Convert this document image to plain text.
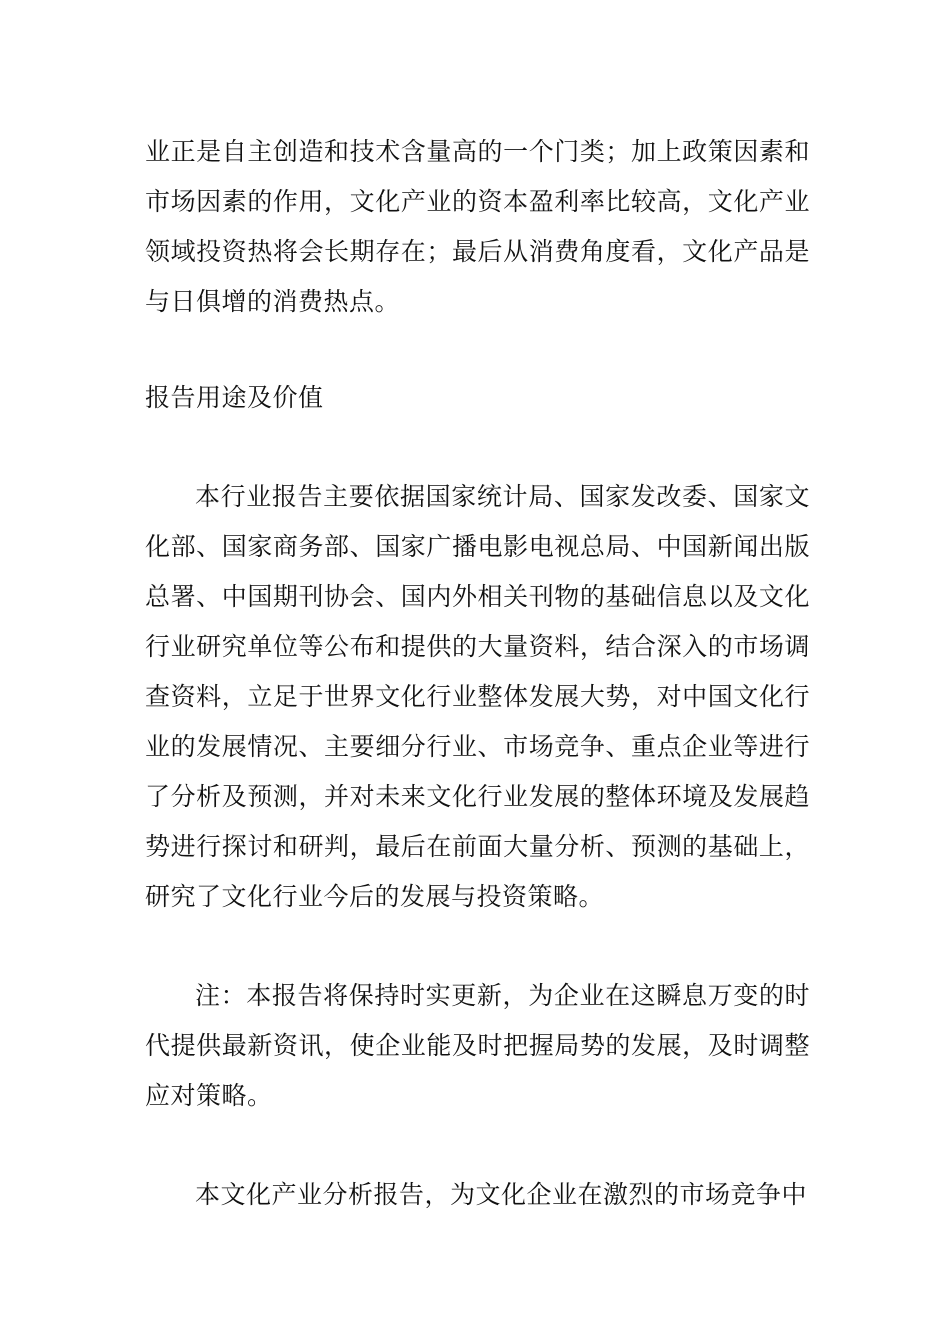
业正是自主创造和技术含量高的一个门类；加上政策因素和市场因素的作用，文化产业的资本盈利率比较高，文化产业领域投资热将会长期存在；最后从消费角度看，文化产品是与日俱增的消费热点。

报告用途及价值

本行业报告主要依据国家统计局、国家发改委、国家文化部、国家商务部、国家广播电影电视总局、中国新闻出版总署、中国期刊协会、国内外相关刊物的基础信息以及文化行业研究单位等公布和提供的大量资料，结合深入的市场调查资料，立足于世界文化行业整体发展大势，对中国文化行业的发展情况、主要细分行业、市场竞争、重点企业等进行了分析及预测，并对未来文化行业发展的整体环境及发展趋势进行探讨和研判，最后在前面大量分析、预测的基础上，研究了文化行业今后的发展与投资策略。

注：本报告将保持时实更新，为企业在这瞬息万变的时代提供最新资讯，使企业能及时把握局势的发展，及时调整应对策略。

本文化产业分析报告，为文化企业在激烈的市场竞争中
